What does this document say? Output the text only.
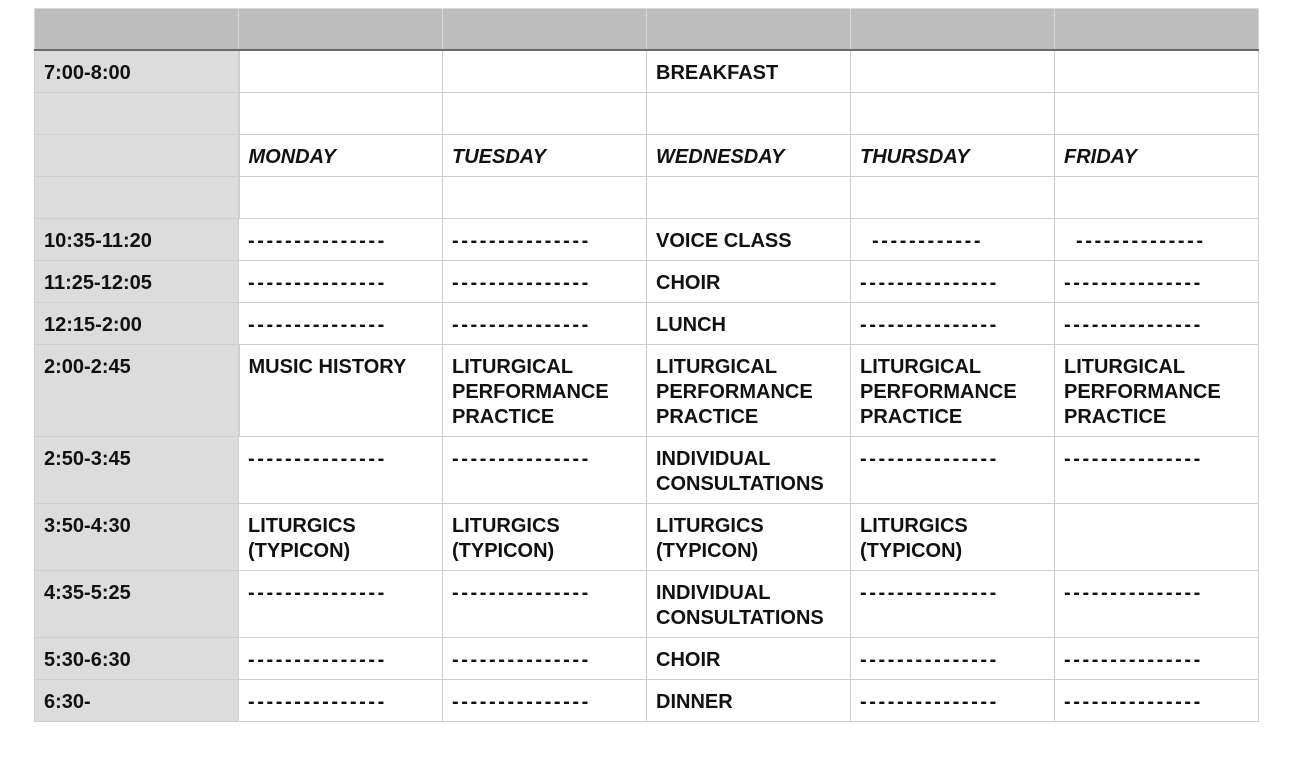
7:00-8:00			BREAKFAST		

	MONDAY	TUESDAY	WEDNESDAY	THURSDAY	FRIDAY

10:35-11:20	---------------	---------------	VOICE CLASS	------------	--------------

11:25-12:05	---------------	---------------	CHOIR	---------------	---------------

12:15-2:00	---------------	---------------	LUNCH	---------------	---------------

2:00-2:45	MUSIC HISTORY	LITURGICAL
PERFORMANCE
PRACTICE	LITURGICAL
PERFORMANCE
PRACTICE	LITURGICAL
PERFORMANCE
PRACTICE	LITURGICAL
PERFORMANCE
PRACTICE

2:50-3:45	---------------	---------------	INDIVIDUAL
CONSULTATIONS	---------------	---------------

3:50-4:30	LITURGICS
(TYPICON)	LITURGICS
(TYPICON)	LITURGICS
(TYPICON)	LITURGICS
(TYPICON)	

4:35-5:25	---------------	---------------	INDIVIDUAL
CONSULTATIONS	---------------	---------------

5:30-6:30	---------------	---------------	CHOIR	---------------	---------------

6:30-	---------------	---------------	DINNER	---------------	---------------
